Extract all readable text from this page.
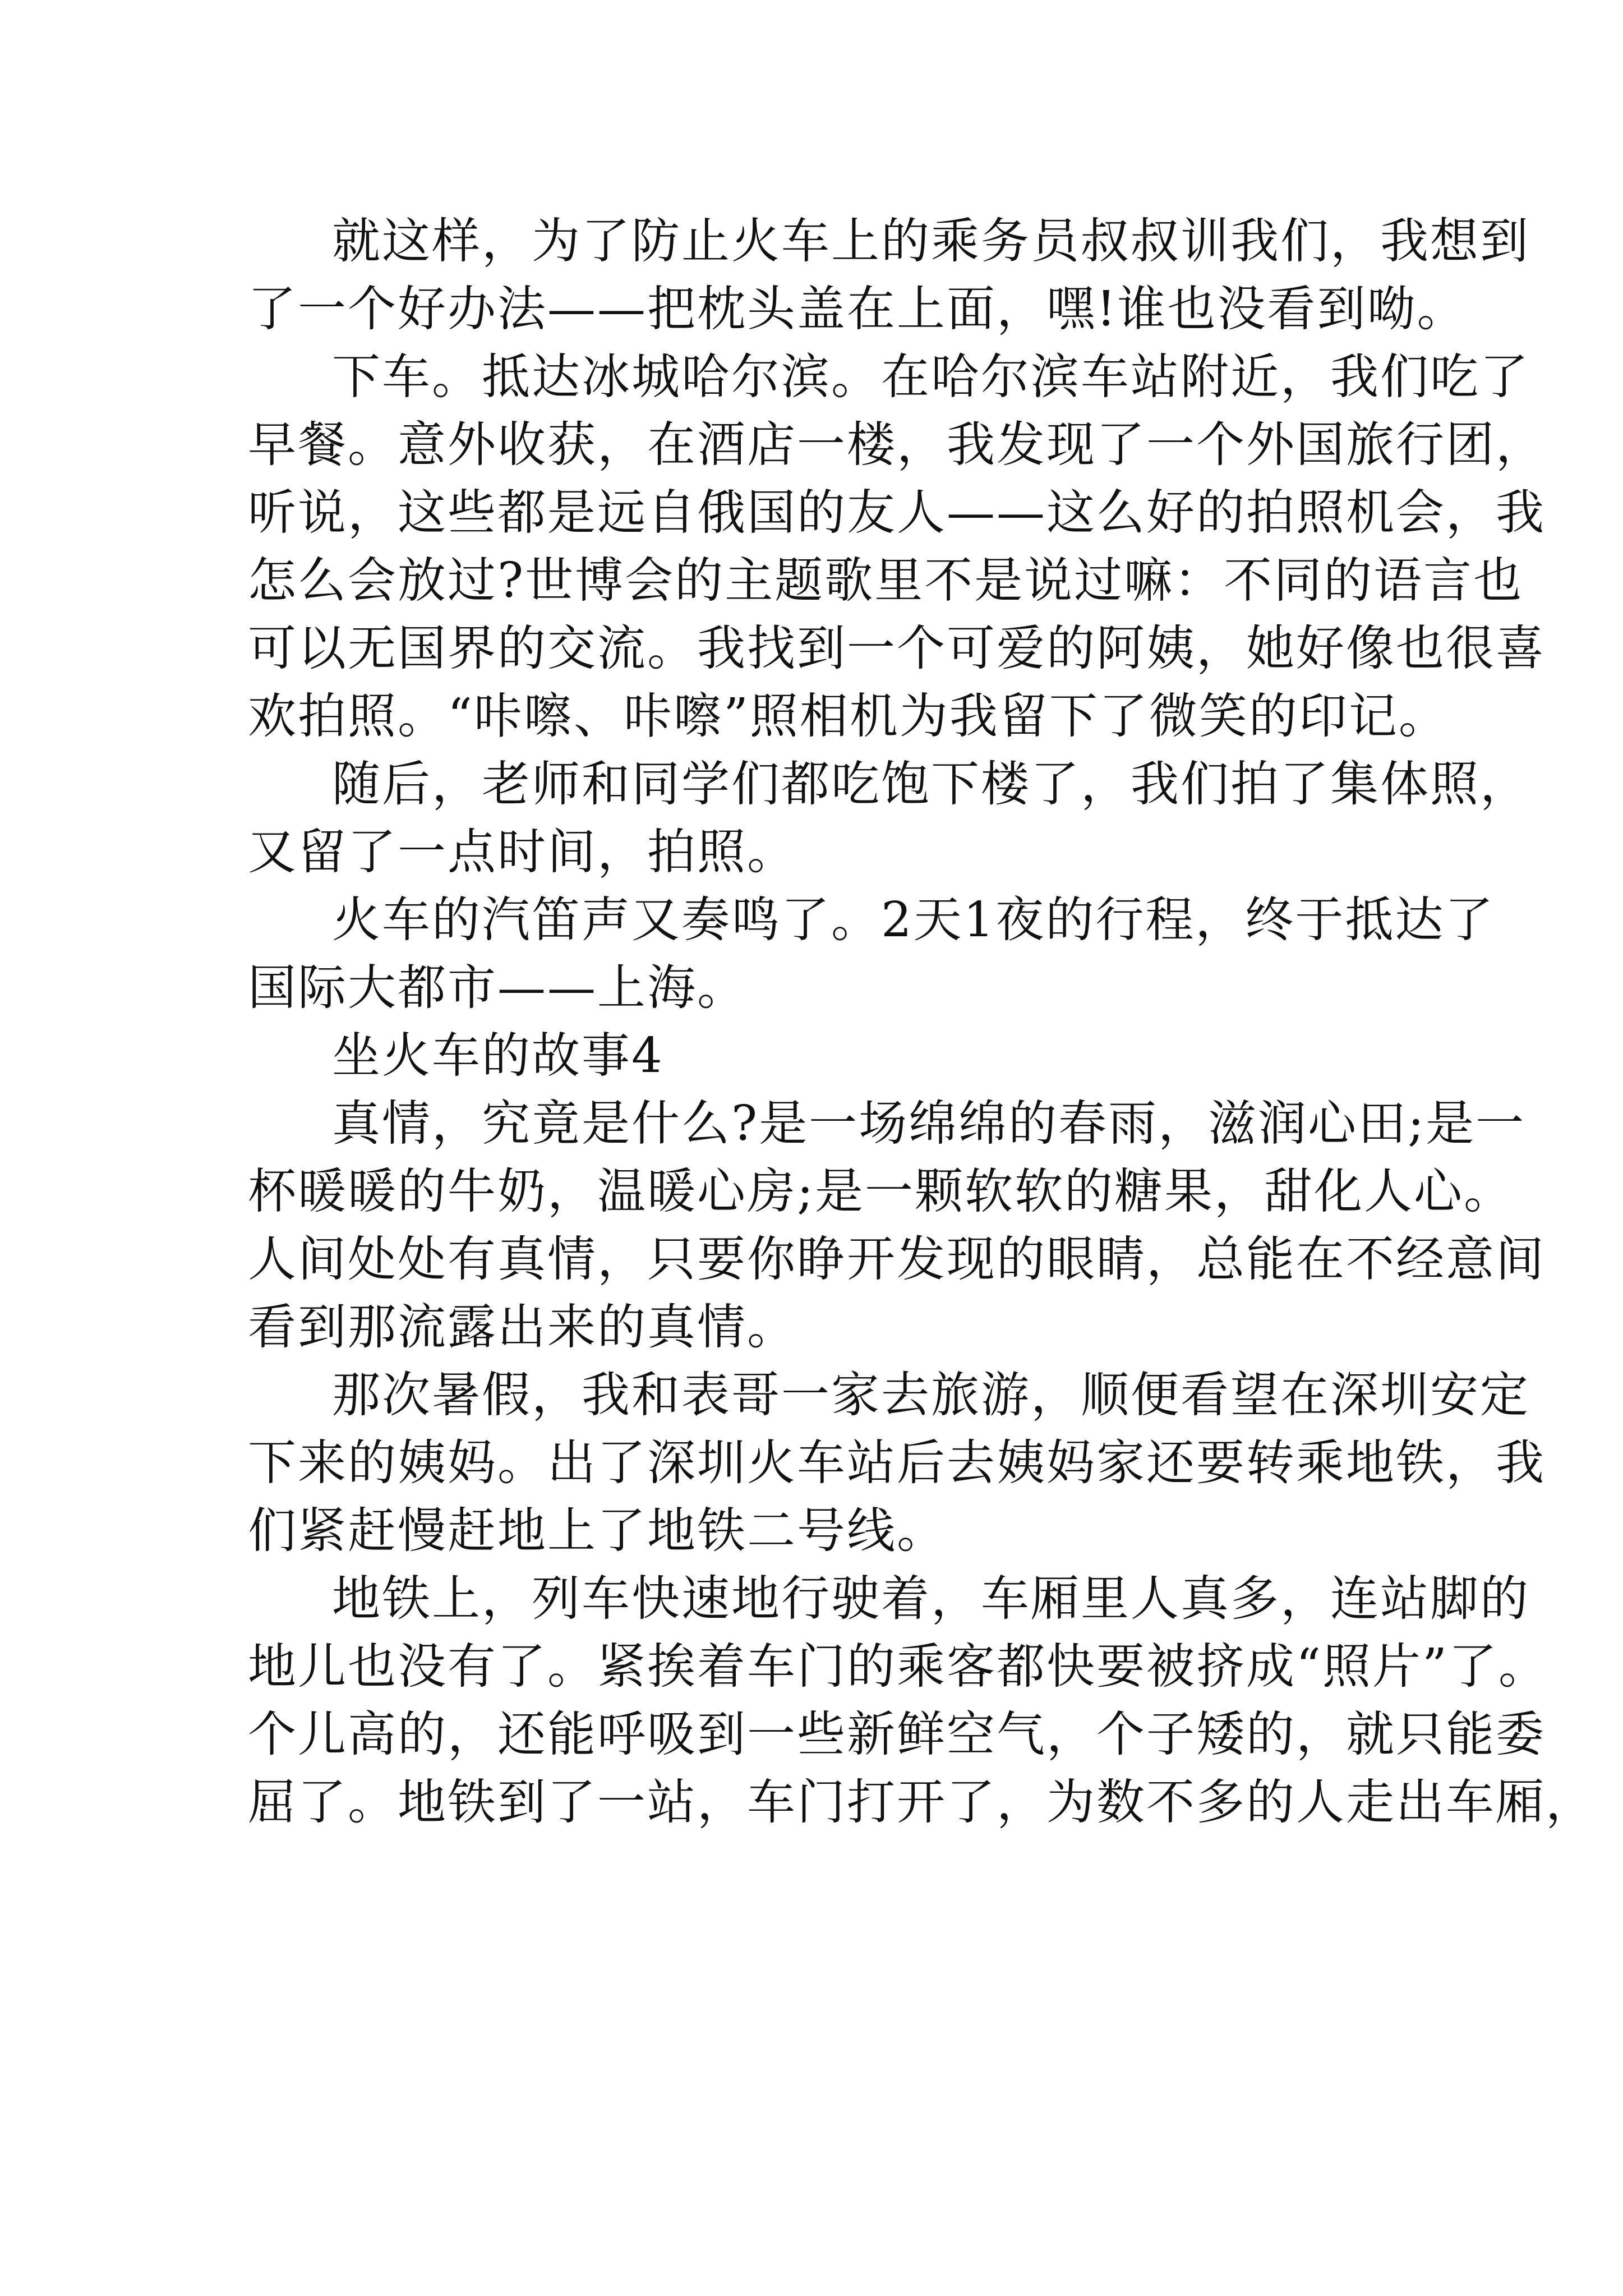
就这样，为了防止火车上的乘务员叔叔训我们，我想到
了一个好办法——把枕头盖在上面，嘿!谁也没看到呦。
下车。抵达冰城哈尔滨。在哈尔滨车站附近，我们吃了
早餐。意外收获，在酒店一楼，我发现了一个外国旅行团，
听说，这些都是远自俄国的友人——这么好的拍照机会，我
怎么会放过?世博会的主题歌里不是说过嘛：不同的语言也
可以无国界的交流。我找到一个可爱的阿姨，她好像也很喜
欢拍照。“咔嚓、咔嚓”照相机为我留下了微笑的印记。
随后，老师和同学们都吃饱下楼了，我们拍了集体照，
又留了一点时间，拍照。
火车的汽笛声又奏鸣了。2天1夜的行程，终于抵达了
国际大都市——上海。
坐火车的故事4
真情，究竟是什么?是一场绵绵的春雨，滋润心田;是一
杯暖暖的牛奶，温暖心房;是一颗软软的糖果，甜化人心。
人间处处有真情，只要你睁开发现的眼睛，总能在不经意间
看到那流露出来的真情。
那次暑假，我和表哥一家去旅游，顺便看望在深圳安定
下来的姨妈。出了深圳火车站后去姨妈家还要转乘地铁，我
们紧赶慢赶地上了地铁二号线。
地铁上，列车快速地行驶着，车厢里人真多，连站脚的
地儿也没有了。紧挨着车门的乘客都快要被挤成“照片”了。
个儿高的，还能呼吸到一些新鲜空气，个子矮的，就只能委
屈了。地铁到了一站，车门打开了，为数不多的人走出车厢，
